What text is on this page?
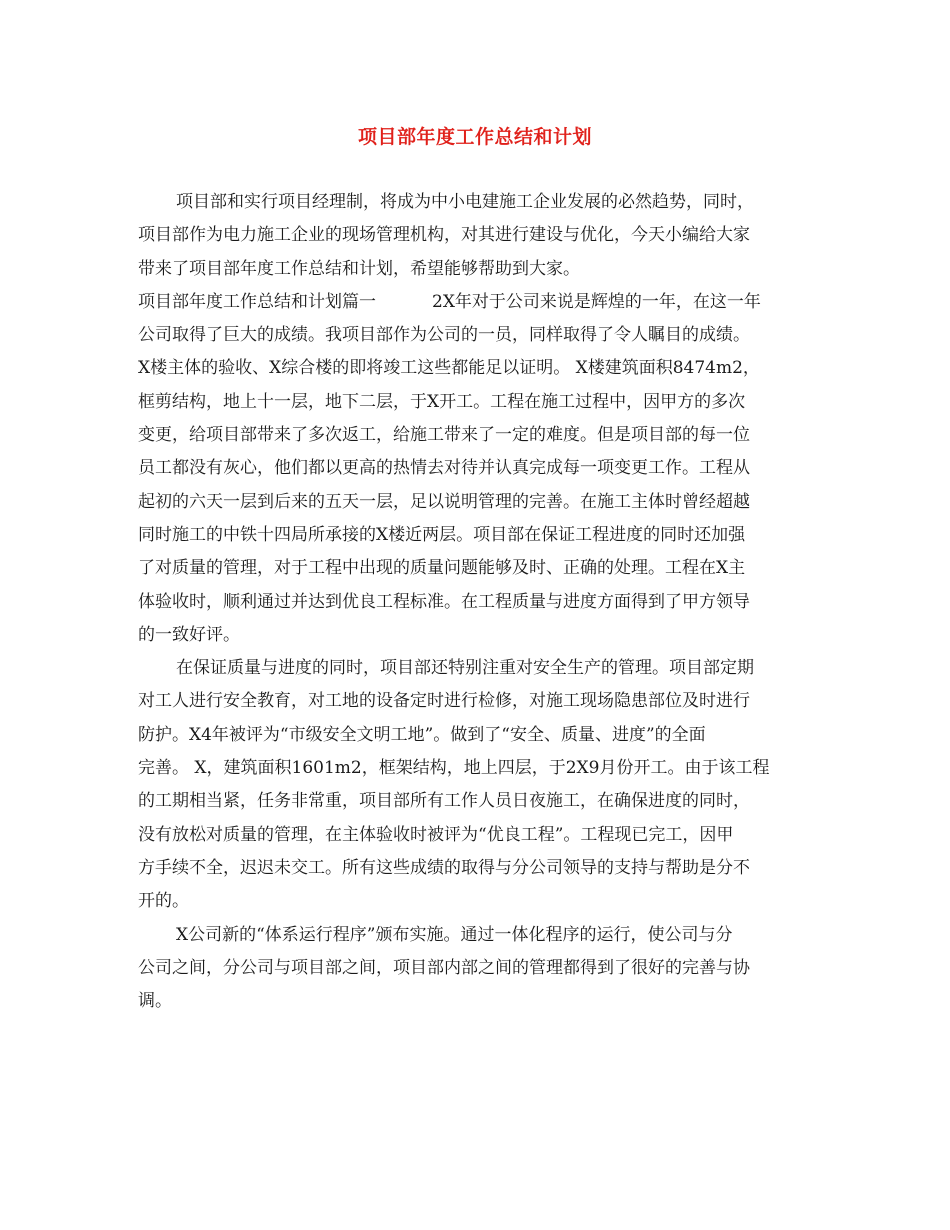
项目部年度工作总结和计划
项目部和实行项目经理制，将成为中小电建施工企业发展的必然趋势，同时，
项目部作为电力施工企业的现场管理机构，对其进行建设与优化，今天小编给大家
带来了项目部年度工作总结和计划，希望能够帮助到大家。
项目部年度工作总结和计划篇一	2X年对于公司来说是辉煌的一年，在这一年
公司取得了巨大的成绩。我项目部作为公司的一员，同样取得了令人瞩目的成绩。
X楼主体的验收、X综合楼的即将竣工这些都能足以证明。 X楼建筑面积8474m2，
框剪结构，地上十一层，地下二层，于X开工。工程在施工过程中，因甲方的多次
变更，给项目部带来了多次返工，给施工带来了一定的难度。但是项目部的每一位
员工都没有灰心，他们都以更高的热情去对待并认真完成每一项变更工作。工程从
起初的六天一层到后来的五天一层，足以说明管理的完善。在施工主体时曾经超越
同时施工的中铁十四局所承接的X楼近两层。项目部在保证工程进度的同时还加强
了对质量的管理，对于工程中出现的质量问题能够及时、正确的处理。工程在X主
体验收时，顺利通过并达到优良工程标准。在工程质量与进度方面得到了甲方领导
的一致好评。
在保证质量与进度的同时，项目部还特别注重对安全生产的管理。项目部定期
对工人进行安全教育，对工地的设备定时进行检修，对施工现场隐患部位及时进行
防护。X4年被评为“市级安全文明工地”。做到了“安全、质量、进度”的全面
完善。 X，建筑面积1601m2，框架结构，地上四层，于2X9月份开工。由于该工程
的工期相当紧，任务非常重，项目部所有工作人员日夜施工，在确保进度的同时，
没有放松对质量的管理，在主体验收时被评为“优良工程”。工程现已完工，因甲
方手续不全，迟迟未交工。所有这些成绩的取得与分公司领导的支持与帮助是分不
开的。
X公司新的“体系运行程序”颁布实施。通过一体化程序的运行，使公司与分
公司之间，分公司与项目部之间，项目部内部之间的管理都得到了很好的完善与协
调。
